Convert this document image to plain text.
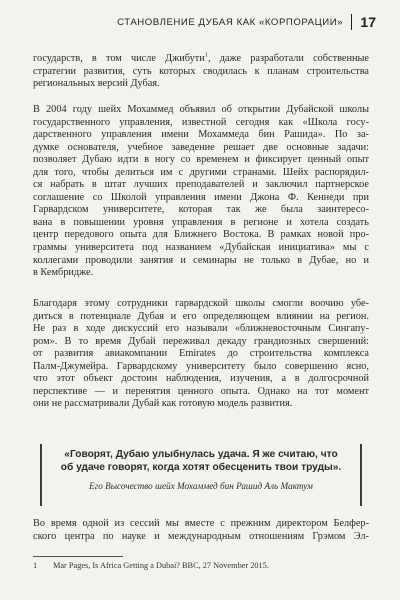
СТАНОВЛЕНИЕ ДУБАЯ КАК «КОРПОРАЦИИ» 17

государств, в том числе Джибути$^1$, даже разработали собственные
стратегии развития, суть которых сводилась к планам строительства
региональных версий Дубая.

В 2004 году шейх Мохаммед объявил об открытии Дубайской школы
государственного управления, известной сегодня как «Школа госу-
дарственного управления имени Мохаммеда бин Рашида». По за-
думке основателя, учебное заведение решает две основные задачи:
позволяет Дубаю идти в ногу со временем и фиксирует ценный опыт
для того, чтобы делиться им с другими странами. Шейх распорядил-
ся набрать в штат лучших преподавателей и заключил партнерское
соглашение со Школой управления имени Джона Ф. Кеннеди при
Гарвардском университете, которая так же была заинтересо-
вана в повышении уровня управления в регионе и хотела создать
центр передового опыта для Ближнего Востока. В рамках новой про-
граммы университета под названием «Дубайская инициатива» мы с
коллегами проводили занятия и семинары не только в Дубае, но и
в Кембридже.

Благодаря этому сотрудники гарвардской школы смогли воочию убе-
диться в потенциале Дубая и его определяющем влиянии на регион.
Не раз в ходе дискуссий его называли «ближневосточным Сингапу-
ром». В то время Дубай переживал декаду грандиозных свершений:
от развития авиакомпании Emirates до строительства комплекса
Палм-Джумейра. Гарвардскому университету было совершенно ясно,
что этот объект достоин наблюдения, изучения, а в долгосрочной
перспективе — и перенятия ценного опыта. Однако на тот момент
они не рассматривали Дубай как готовую модель развития.

«Говорят, Дубаю улыбнулась удача. Я же считаю, что
об удаче говорят, когда хотят обесценить твои труды».
Его Высочество шейх Мохаммед бин Рашид Аль Мактум

Во время одной из сессий мы вместе с прежним директором Белфер-
ского центра по науке и международным отношениям Грэмом Эл-

1 Mar Pages, Is Africa Getting a Dubai? BBC, 27 November 2015.
